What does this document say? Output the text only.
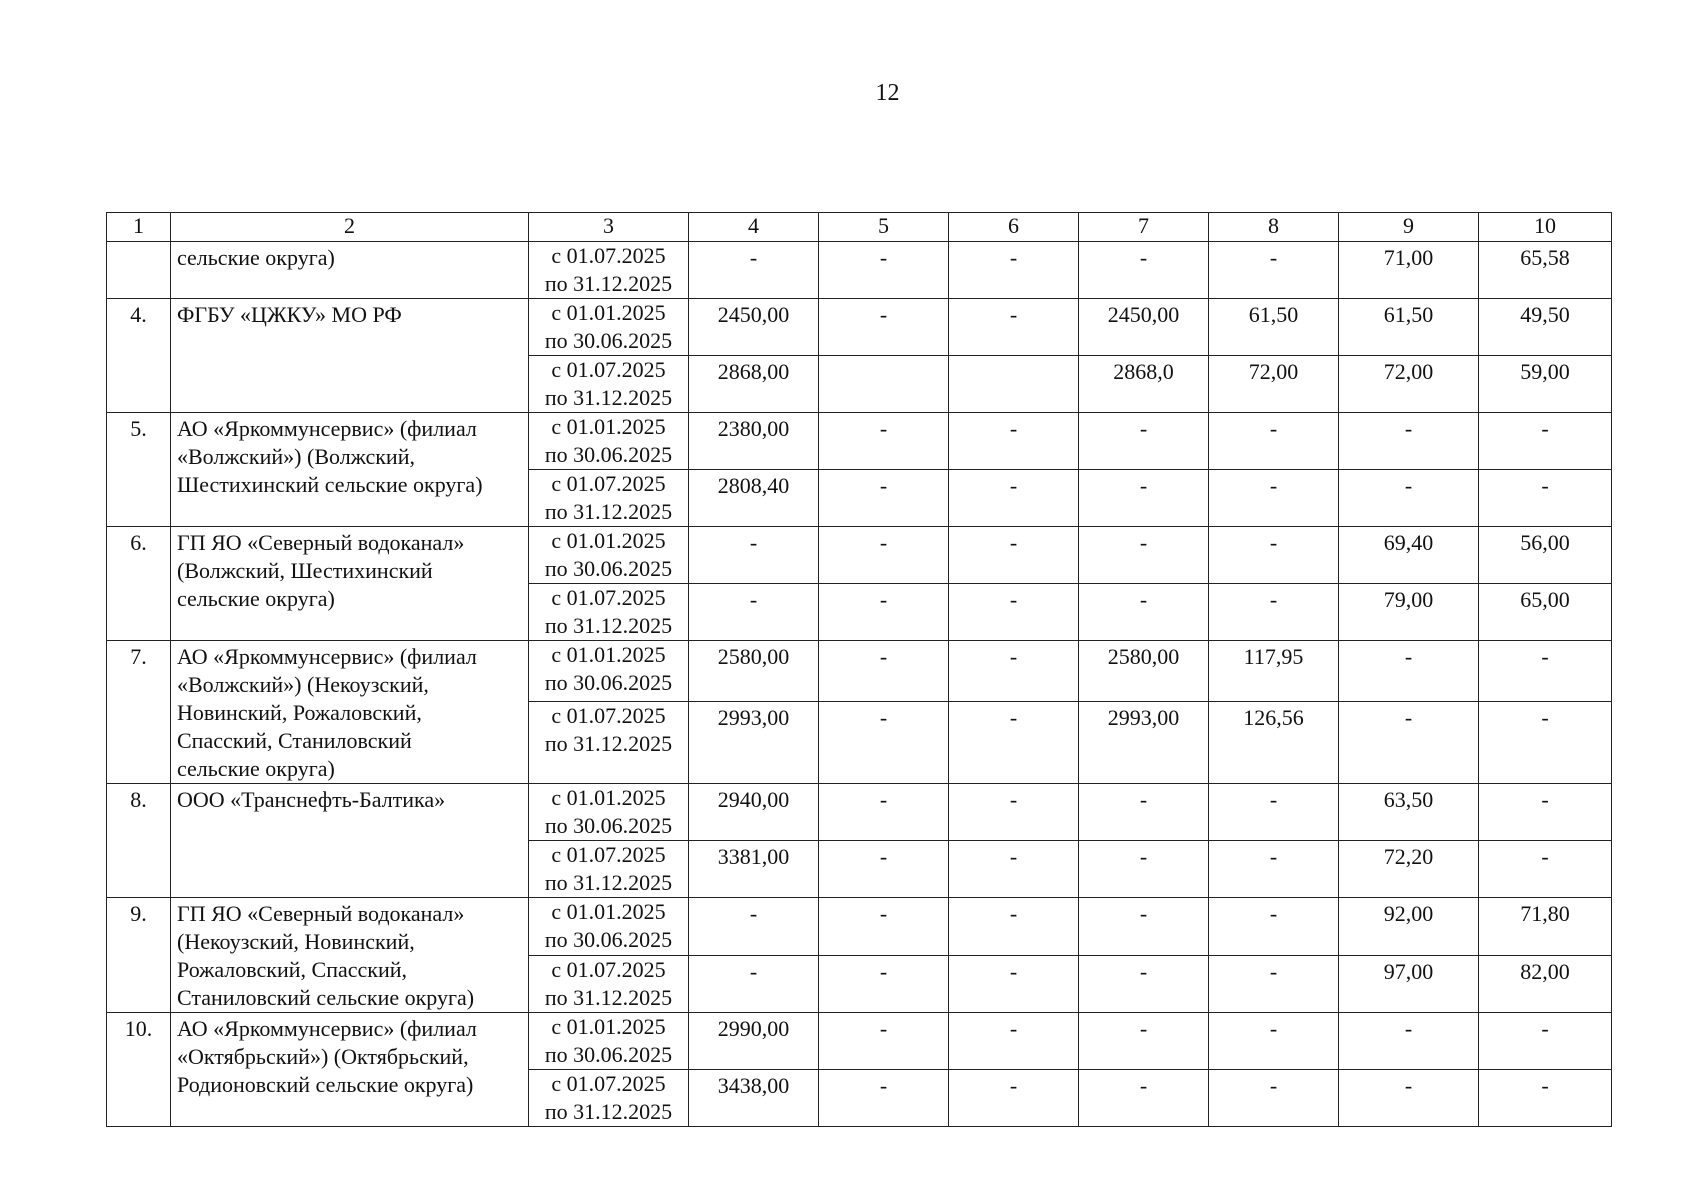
12
1	2	3	4	5	6	7	8	9	10
	сельские округа)	с 01.07.2025
по 31.12.2025	-	-	-	-	-	71,00	65,58
4.	ФГБУ «ЦЖКУ» МО РФ	с 01.01.2025
по 30.06.2025	2450,00	-	-	2450,00	61,50	61,50	49,50
		с 01.07.2025
по 31.12.2025	2868,00			2868,0	72,00	72,00	59,00
5.	АО «Яркоммунсервис» (филиал
«Волжский») (Волжский,
Шестихинский сельские округа)	с 01.01.2025
по 30.06.2025	2380,00	-	-	-	-	-	-
		с 01.07.2025
по 31.12.2025	2808,40	-	-	-	-	-	-
6.	ГП ЯО «Северный водоканал»
(Волжский, Шестихинский
сельские округа)	с 01.01.2025
по 30.06.2025	-	-	-	-	-	69,40	56,00
		с 01.07.2025
по 31.12.2025	-	-	-	-	-	79,00	65,00
7.	АО «Яркоммунсервис» (филиал
«Волжский») (Некоузский,
Новинский, Рожаловский,
Спасский, Станиловский
сельские округа)	с 01.01.2025
по 30.06.2025	2580,00	-	-	2580,00	117,95	-	-
		с 01.07.2025
по 31.12.2025	2993,00	-	-	2993,00	126,56	-	-
8.	ООО «Транснефть-Балтика»	с 01.01.2025
по 30.06.2025	2940,00	-	-	-	-	63,50	-
		с 01.07.2025
по 31.12.2025	3381,00	-	-	-	-	72,20	-
9.	ГП ЯО «Северный водоканал»
(Некоузский, Новинский,
Рожаловский, Спасский,
Станиловский сельские округа)	с 01.01.2025
по 30.06.2025	-	-	-	-	-	92,00	71,80
		с 01.07.2025
по 31.12.2025	-	-	-	-	-	97,00	82,00
10.	АО «Яркоммунсервис» (филиал
«Октябрьский») (Октябрьский,
Родионовский сельские округа)	с 01.01.2025
по 30.06.2025	2990,00	-	-	-	-	-	-
		с 01.07.2025
по 31.12.2025	3438,00	-	-	-	-	-	-
